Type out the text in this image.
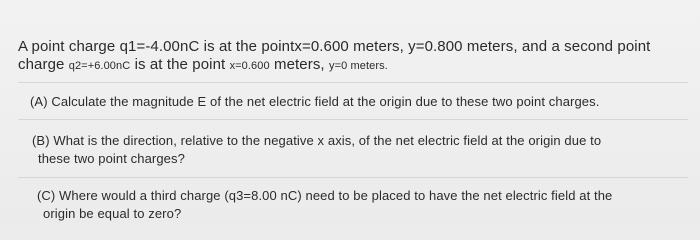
A point charge q1=-4.00nC is at the pointx=0.600 meters, y=0.800 meters, and a second point
charge q2=+6.00nC is at the point x=0.600 meters, y=0 meters.
(A) Calculate the magnitude E of the net electric field at the origin due to these two point charges.
(B) What is the direction, relative to the negative x axis, of the net electric field at the origin due to
these two point charges?
(C) Where would a third charge (q3=8.00 nC) need to be placed to have the net electric field at the
origin be equal to zero?
